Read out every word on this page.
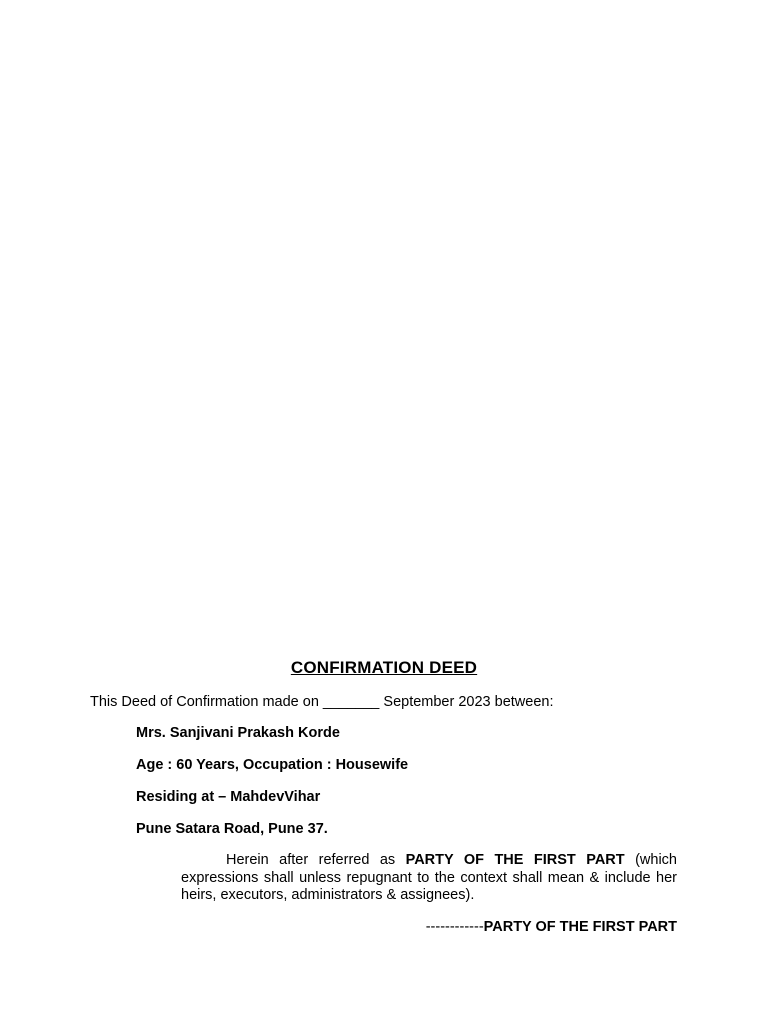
CONFIRMATION DEED
This Deed of Confirmation made on _______ September 2023 between:
Mrs. Sanjivani Prakash Korde
Age : 60 Years, Occupation : Housewife
Residing at – MahdevVihar
Pune Satara Road, Pune 37.
Herein after referred as PARTY OF THE FIRST PART (which expressions shall unless repugnant to the context shall mean & include her heirs, executors, administrators & assignees).
------------PARTY OF THE FIRST PART
